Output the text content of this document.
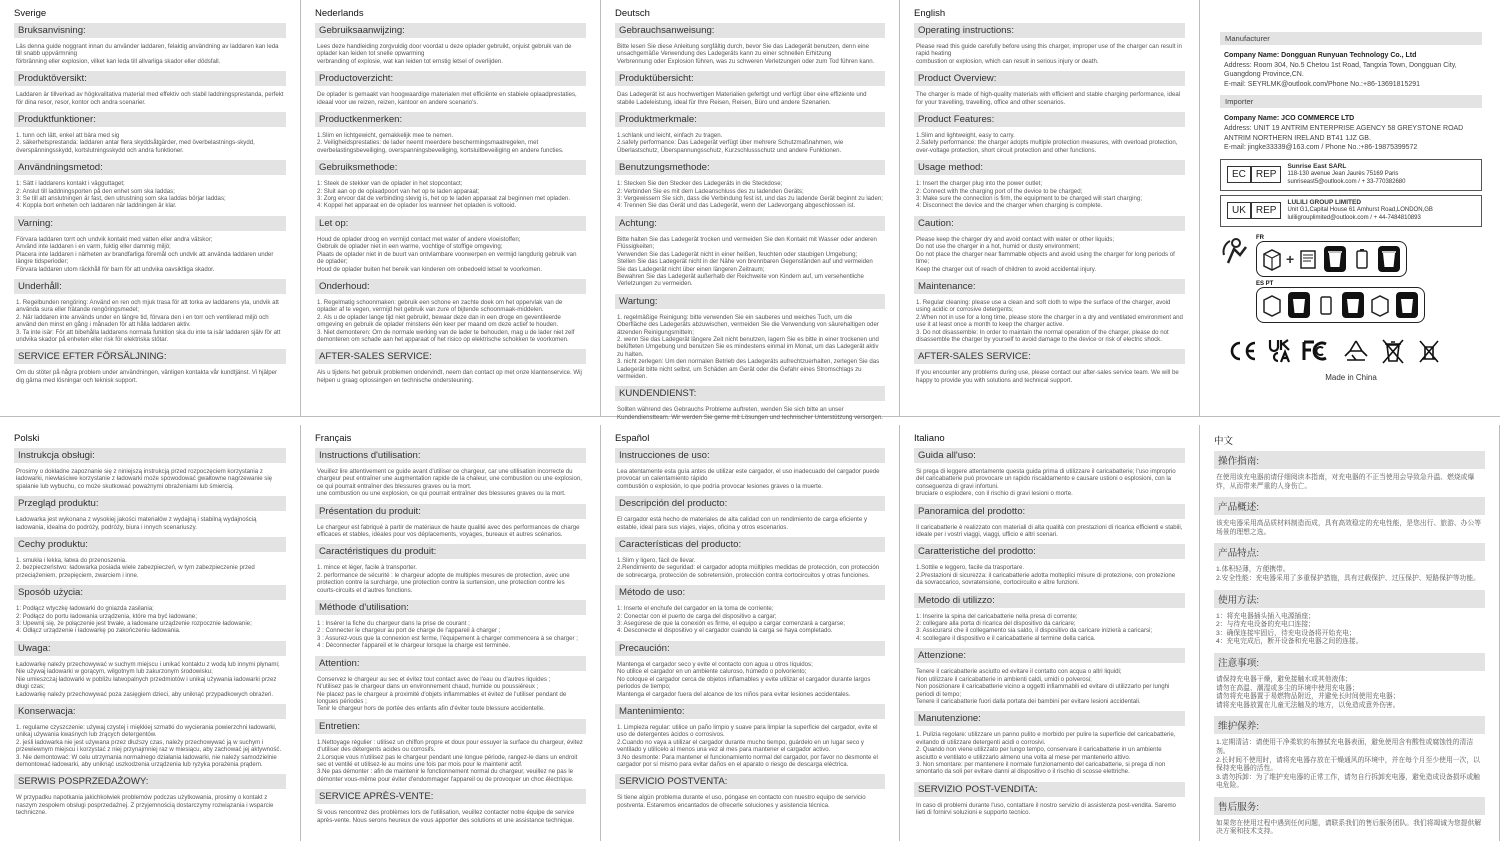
Sverige
Bruksanvisning:
Läs denna guide noggrant innan du använder laddaren, felaktig användning av laddaren kan leda till snabb uppvärmning
förbränning eller explosion, vilket kan leda till allvarliga skador eller dödsfall.
Produktöversikt:
Laddaren är tillverkad av högkvalitativa material med effektiv och stabil laddningsprestanda, perfekt för dina resor, resor, kontor och andra scenarier.
Produktfunktioner:
1. tunn och lätt, enkel att bära med sig
2. säkerhetsprestanda: laddaren antar flera skyddsåtgärder, med överbelastnings-skydd, överspänningsskydd, kortslutningsskydd och andra funktioner.
Användningsmetod:
1: Sätt i laddarens kontakt i vägguttaget;
2: Anslut till laddningsporten på den enhet som ska laddas;
3: Se till att anslutningen är fast, den utrustning som ska laddas börjar laddas;
4: Koppla bort enheten och laddaren när laddningen är klar.
Varning:
Förvara laddaren torrt och undvik kontakt med vatten eller andra vätskor;
Använd inte laddaren i en varm, fuktig eller dammig miljö;
Placera inte laddaren i närheten av brandfarliga föremål och undvik att använda laddaren under längre tidsperioder;
Förvara laddaren utom räckhåll för barn för att undvika oavsiktliga skador.
Underhåll:
1. Regelbunden rengöring: Använd en ren och mjuk trasa för att torka av laddarens yta, undvik att använda sura eller frätande rengöringsmedel;
2. När laddaren inte används under en längre tid, förvara den i en torr och ventilerad miljö och använd den minst en gång i månaden för att hålla laddaren aktiv.
3. Ta inte isär: För att bibehålla laddarens normala funktion ska du inte ta isär laddaren själv för att undvika skador på enheten eller risk för elektriska stötar.
SERVICE EFTER FÖRSÄLJNING:
Om du stöter på några problem under användningen, vänligen kontakta vår kundtjänst. Vi hjälper dig gärna med lösningar och teknisk support.
Nederlands
Gebruiksaanwijzing:
Lees deze handleiding zorgvuldig door voordat u deze oplader gebruikt, onjuist gebruik van de oplader kan leiden tot snelle opwarming
verbranding of explosie, wat kan leiden tot ernstig letsel of overlijden.
Productoverzicht:
De oplader is gemaakt van hoogwaardige materialen met efficiënte en stabiele oplaadprestaties, ideaal voor uw reizen, reizen, kantoor en andere scenario's.
Productkenmerken:
1.Slim en lichtgewicht, gemakkelijk mee te nemen.
2. Veiligheidsprestaties: de lader neemt meerdere beschermingsmaatregelen, met overbelastingsbeveiliging, overspanningsbeveiliging, kortsluitbeveiliging en andere functies.
Gebruiksmethode:
1: Steek de stekker van de oplader in het stopcontact;
2: Sluit aan op de oplaadpoort van het op te laden apparaat;
3: Zorg ervoor dat de verbinding stevig is, het op te laden apparaat zal beginnen met opladen.
4: Koppel het apparaat en de oplader los wanneer het opladen is voltooid.
Let op:
Houd de oplader droog en vermijd contact met water of andere vloeistoffen;
Gebruik de oplader niet in een warme, vochtige of stoffige omgeving;
Plaats de oplader niet in de buurt van ontvlambare voorwerpen en vermijd langdurig gebruik van de oplader;
Houd de oplader buiten het bereik van kinderen om onbedoeld letsel te voorkomen.
Onderhoud:
1. Regelmatig schoonmaken: gebruik een schone en zachte doek om het oppervlak van de oplader af te vegen, vermijd het gebruik van zure of bijtende schoonmaak-middelen.
2. Als u de oplader lange tijd niet gebruikt, bewaar deze dan in een droge en geventileerde omgeving en gebruik de oplader minstens één keer per maand om deze actief te houden.
3. Niet demonteren: Om de normale werking van de lader te behouden, mag u de lader niet zelf demonteren om schade aan het apparaat of het risico op elektrische schokken te voorkomen.
AFTER-SALES SERVICE:
Als u tijdens het gebruik problemen ondervindt, neem dan contact op met onze klantenservice. Wij helpen u graag oplossingen en technische ondersteuning.
Deutsch
Gebrauchsanweisung:
Bitte lesen Sie diese Anleitung sorgfältig durch, bevor Sie das Ladegerät benutzen, denn eine unsachgemäße Verwendung des Ladegeräts kann zu einer schnellen Erhitzung
Verbrennung oder Explosion führen, was zu schweren Verletzungen oder zum Tod führen kann.
Produktübersicht:
Das Ladegerät ist aus hochwertigen Materialien gefertigt und verfügt über eine effiziente und stabile Ladeleistung, ideal für Ihre Reisen, Reisen, Büro und andere Szenarien.
Produktmerkmale:
1.schlank und leicht, einfach zu tragen.
2.safety performance: Das Ladegerät verfügt über mehrere Schutzmaßnahmen, wie Überlastschutz, Überspannungsschutz, Kurzschlussschutz und andere Funktionen.
Benutzungsmethode:
1: Stecken Sie den Stecker des Ladegeräts in die Steckdose;
2: Verbinden Sie es mit dem Ladeanschluss des zu ladenden Geräts;
3: Vergewissern Sie sich, dass die Verbindung fest ist, und das zu ladende Gerät beginnt zu laden;
4: Trennen Sie das Gerät und das Ladegerät, wenn der Ladevorgang abgeschlossen ist.
Achtung:
Bitte halten Sie das Ladegerät trocken und vermeiden Sie den Kontakt mit Wasser oder anderen Flüssigkeiten;
Verwenden Sie das Ladegerät nicht in einer heißen, feuchten oder staubigen Umgebung;
Stellen Sie das Ladegerät nicht in der Nähe von brennbaren Gegenständen auf und vermeiden Sie das Ladegerät nicht über einen längeren Zeitraum;
Bewahren Sie das Ladegerät außerhalb der Reichweite von Kindern auf, um versehentliche Verletzungen zu vermeiden.
Wartung:
1. regelmäßige Reinigung: bitte verwenden Sie ein sauberes und weiches Tuch, um die Oberfläche des Ladegeräts abzuwischen, vermeiden Sie die Verwendung von säurehaltigen oder ätzenden Reinigungsmitteln;
2. wenn Sie das Ladegerät längere Zeit nicht benutzen, lagern Sie es bitte in einer trockenen und belüfteten Umgebung und benutzen Sie es mindestens einmal im Monat, um das Ladegerät aktiv zu halten.
3. nicht zerlegen: Um den normalen Betrieb des Ladegeräts aufrechtzuerhalten, zerlegen Sie das Ladegerät bitte nicht selbst, um Schäden am Gerät oder die Gefahr eines Stromschlags zu vermeiden.
KUNDENDIENST:
Sollten während des Gebrauchs Probleme auftreten, wenden Sie sich bitte an unser Kundendienstteam. Wir werden Sie gerne mit Lösungen und technischer Unterstützung versorgen.
English
Operating instructions:
Please read this guide carefully before using this charger, improper use of the charger can result in rapid heating
combustion or explosion, which can result in serious injury or death.
Product Overview:
The charger is made of high-quality materials with efficient and stable charging performance, ideal for your travelling, travelling, office and other scenarios.
Product Features:
1.Slim and lightweight, easy to carry.
2.Safety performance: the charger adopts multiple protection measures, with overload protection, over-voltage protection, short circuit protection and other functions.
Usage method:
1: Insert the charger plug into the power outlet;
2: Connect with the charging port of the device to be charged;
3: Make sure the connection is firm, the equipment to be charged will start charging;
4: Disconnect the device and the charger when charging is complete.
Caution:
Please keep the charger dry and avoid contact with water or other liquids;
Do not use the charger in a hot, humid or dusty environment;
Do not place the charger near flammable objects and avoid using the charger for long periods of time;
Keep the charger out of reach of children to avoid accidental injury.
Maintenance:
1. Regular cleaning: please use a clean and soft cloth to wipe the surface of the charger, avoid using acidic or corrosive detergents;
2.When not in use for a long time, please store the charger in a dry and ventilated environment and use it at least once a month to keep the charger active.
3. Do not disassemble: In order to maintain the normal operation of the charger, please do not disassemble the charger by yourself to avoid damage to the device or risk of electric shock.
AFTER-SALES SERVICE:
If you encounter any problems during use, please contact our after-sales service team. We will be happy to provide you with solutions and technical support.
Polski
Instrukcja obsługi:
Prosimy o dokładne zapoznanie się z niniejszą instrukcją przed rozpoczęciem korzystania z ładowarki, niewłaściwe korzystanie z ładowarki może spowodować gwałtowne nagrzewanie się
spalanie lub wybuchu, co może skutkować poważnymi obrażeniami lub śmiercią.
Przegląd produktu:
Ładowarka jest wykonana z wysokiej jakości materiałów z wydajną i stabilną wydajnością ładowania, idealna do podróży, podróży, biura i innych scenariuszy.
Cechy produktu:
1. smukła i lekka, łatwa do przenoszenia.
2. bezpieczeństwo: ładowarka posiada wiele zabezpieczeń, w tym zabezpieczenie przed przeciążeniem, przepięciem, zwarciem i inne.
Sposób użycia:
1: Podłącz wtyczkę ładowarki do gniazda zasilania;
2: Podłącz do portu ładowania urządzenia, które ma być ładowane;
3: Upewnij się, że połączenie jest trwałe, a ładowane urządzenie rozpocznie ładowanie;
4: Odłącz urządzenie i ładowarkę po zakończeniu ładowania.
Uwaga:
Ładowarkę należy przechowywać w suchym miejscu i unikać kontaktu z wodą lub innymi płynami;
Nie używaj ładowarki w gorącym, wilgotnym lub zakurzonym środowisku;
Nie umieszczaj ładowarki w pobliżu łatwopalnych przedmiotów i unikaj używania ładowarki przez długi czas;
Ładowarkę należy przechowywać poza zasięgiem dzieci, aby uniknąć przypadkowych obrażeń.
Konserwacja:
1. regularne czyszczenie: używaj czystej i miękkiej szmatki do wycierania powierzchni ładowarki, unikaj używania kwaśnych lub żrących detergentów.
2. jeśli ładowarka nie jest używana przez dłuższy czas, należy przechowywać ją w suchym i przewiewnym miejscu i korzystać z niej przynajmniej raz w miesiącu, aby zachować jej aktywność.
3. Nie demontować: W celu utrzymania normalnego działania ładowarki, nie należy samodzielnie demontować ładowarki, aby uniknąć uszkodzenia urządzenia lub ryzyka porażenia prądem.
SERWIS POSPRZEDAŻOWY:
W przypadku napotkania jakichkolwiek problemów podczas użytkowania, prosimy o kontakt z naszym zespołem obsługi posprzedażnej. Z przyjemnością dostarczymy rozwiązania i wsparcie techniczne.
Français
Instructions d'utilisation:
Veuillez lire attentivement ce guide avant d'utiliser ce chargeur, car une utilisation incorrecte du chargeur peut entraîner une augmentation rapide de la chaleur, une combustion ou une explosion, ce qui pourrait entraîner des blessures graves ou la mort.
une combustion ou une explosion, ce qui pourrait entraîner des blessures graves ou la mort.
Présentation du produit:
Le chargeur est fabriqué à partir de matériaux de haute qualité avec des performances de charge efficaces et stables, idéales pour vos déplacements, voyages, bureaux et autres scénarios.
Caractéristiques du produit:
1. mince et léger, facile à transporter.
2. performance de sécurité : le chargeur adopte de multiples mesures de protection, avec une protection contre la surcharge, une protection contre la surtension, une protection contre les courts-circuits et d'autres fonctions.
Méthode d'utilisation:
1 : Insérer la fiche du chargeur dans la prise de courant ;
2 : Connecter le chargeur au port de charge de l'appareil à charger ;
3 : Assurez-vous que la connexion est ferme, l'équipement à charger commencera à se charger ;
4 : Déconnecter l'appareil et le chargeur lorsque la charge est terminée.
Attention:
Conservez le chargeur au sec et évitez tout contact avec de l'eau ou d'autres liquides ;
N'utilisez pas le chargeur dans un environnement chaud, humide ou poussiéreux ;
Ne placez pas le chargeur à proximité d'objets inflammables et évitez de l'utiliser pendant de longues périodes ;
Tenir le chargeur hors de portée des enfants afin d'éviter toute blessure accidentelle.
Entretien:
1.Nettoyage régulier : utilisez un chiffon propre et doux pour essuyer la surface du chargeur, évitez d'utiliser des détergents acides ou corrosifs.
2.Lorsque vous n'utilisez pas le chargeur pendant une longue période, rangez-le dans un endroit sec et ventilé et utilisez-le au moins une fois par mois pour le maintenir actif.
3.Ne pas démonter : afin de maintenir le fonctionnement normal du chargeur, veuillez ne pas le démonter vous-même pour éviter d'endommager l'appareil ou de provoquer un choc électrique.
SERVICE APRÈS-VENTE:
Si vous rencontrez des problèmes lors de l'utilisation, veuillez contacter notre équipe de service après-vente. Nous serons heureux de vous apporter des solutions et une assistance technique.
Español
Instrucciones de uso:
Lea atentamente esta guía antes de utilizar este cargador, el uso inadecuado del cargador puede provocar un calentamiento rápido
combustión o explosión, lo que podría provocar lesiones graves o la muerte.
Descripción del producto:
El cargador está hecho de materiales de alta calidad con un rendimiento de carga eficiente y estable, ideal para sus viajes, viajes, oficina y otros escenarios.
Características del producto:
1.Slim y ligero, fácil de llevar.
2.Rendimiento de seguridad: el cargador adopta múltiples medidas de protección, con protección de sobrecarga, protección de sobretensión, protección contra cortocircuitos y otras funciones.
Método de uso:
1: Inserte el enchufe del cargador en la toma de corriente;
2: Conectar con el puerto de carga del dispositivo a cargar;
3: Asegúrese de que la conexión es firme, el equipo a cargar comenzará a cargarse;
4: Desconecte el dispositivo y el cargador cuando la carga se haya completado.
Precaución:
Mantenga el cargador seco y evite el contacto con agua u otros líquidos;
No utilice el cargador en un ambiente caluroso, húmedo o polvoriento;
No coloque el cargador cerca de objetos inflamables y evite utilizar el cargador durante largos periodos de tiempo;
Mantenga el cargador fuera del alcance de los niños para evitar lesiones accidentales.
Mantenimiento:
1. Limpieza regular: utilice un paño limpio y suave para limpiar la superficie del cargador, evite el uso de detergentes ácidos o corrosivos.
2.Cuando no vaya a utilizar el cargador durante mucho tiempo, guárdelo en un lugar seco y ventilado y utilícelo al menos una vez al mes para mantener el cargador activo.
3.No desmonte: Para mantener el funcionamiento normal del cargador, por favor no desmonte el cargador por sí mismo para evitar daños en el aparato o riesgo de descarga eléctrica.
SERVICIO POSTVENTA:
Si tiene algún problema durante el uso, póngase en contacto con nuestro equipo de servicio postventa. Estaremos encantados de ofrecerle soluciones y asistencia técnica.
Italiano
Guida all'uso:
Si prega di leggere attentamente questa guida prima di utilizzare il caricabatterie; l'uso improprio del caricabatterie può provocare un rapido riscaldamento e causare ustioni o esplosioni, con la conseguenza di gravi infortuni.
bruciare o esplodere, con il rischio di gravi lesioni o morte.
Panoramica del prodotto:
Il caricabatterie è realizzato con materiali di alta qualità con prestazioni di ricarica efficienti e stabili, ideale per i vostri viaggi, viaggi, ufficio e altri scenari.
Caratteristiche del prodotto:
1.Sottile e leggero, facile da trasportare.
2.Prestazioni di sicurezza: il caricabatterie adotta molteplici misure di protezione, con protezione da sovraccarico, sovratensione, cortocircuito e altre funzioni.
Metodo di utilizzo:
1: Inserire la spina del caricabatterie nella presa di corrente;
2: collegare alla porta di ricarica del dispositivo da caricare;
3: Assicurarsi che il collegamento sia saldo, il dispositivo da caricare inizierà a caricarsi;
4: scollegare il dispositivo e il caricabatterie al termine della carica.
Attenzione:
Tenere il caricabatterie asciutto ed evitare il contatto con acqua o altri liquidi;
Non utilizzare il caricabatterie in ambienti caldi, umidi o polverosi;
Non posizionare il caricabatterie vicino a oggetti infiammabili ed evitare di utilizzarlo per lunghi periodi di tempo;
Tenere il caricabatterie fuori dalla portata dei bambini per evitare lesioni accidentali.
Manutenzione:
1. Pulizia regolare: utilizzare un panno pulito e morbido per pulire la superficie del caricabatterie, evitando di utilizzare detergenti acidi o corrosivi.
2. Quando non viene utilizzato per lungo tempo, conservare il caricabatterie in un ambiente asciutto e ventilato e utilizzarlo almeno una volta al mese per mantenerlo attivo.
3. Non smontare: per mantenere il normale funzionamento del caricabatterie, si prega di non smontarlo da soli per evitare danni al dispositivo o il rischio di scosse elettriche.
SERVIZIO POST-VENDITA:
In caso di problemi durante l'uso, contattare il nostro servizio di assistenza post-vendita. Saremo lieti di fornirvi soluzioni e supporto tecnico.
中文
操作指南:
在使用该充电器前请仔细阅读本指南，对充电器的不正当使用会导致急升温、燃烧或爆炸，从而带来严重的人身伤亡。
产品概述:
该充电器采用高品质材料制造而成，具有高效稳定的充电性能，是您出行、旅游、办公等场景的理想之选。
产品特点:
1.体积轻薄，方便携带。
2.安全性能：充电器采用了多重保护措施，具有过载保护、过压保护、短路保护等功能。
使用方法:
1：将充电器插头插入电源插座；
2：与待充电设备的充电口连接；
3：确保连接牢固后，待充电设备将开始充电；
4：充电完成后，断开设备和充电器之间的连接。
注意事项:
请保持充电器干燥，避免接触水或其他液体；
请勿在高温、潮湿或多尘的环境中使用充电器；
请勿将充电器置于易燃物品附近，并避免长时间使用充电器；
请将充电器放置在儿童无法触及的地方，以免造成意外伤害。
维护保养:
1.定期清洁：请使用干净柔软的布擦拭充电器表面，避免使用含有酸性或腐蚀性的清洁剂。
2.长时间不使用时，请将充电器存放在干燥通风的环境中，并在每个月至少使用一次，以保持充电器的活性。
3.请勿拆卸：为了维护充电器的正常工作，请勿自行拆卸充电器，避免造成设备损坏或触电危险。
售后服务:
如果您在使用过程中遇到任何问题，请联系我们的售后服务团队。我们将竭诚为您提供解决方案和技术支持。
Manufacturer
Company Name: Dongguan Runyuan Technology Co., Ltd
Address: Room 304, No.5 Chetou 1st Road, Tangxia Town, Dongguan City, Guangdong Province,CN.
E-mail: SEYRLMK@outlook.com/Phone No.:+86-13691815291
Importer
Company Name: JCO COMMERCE LTD
Address: UNIT 19 ANTRIM ENTERPRISE AGENCY 58 GREYSTONE ROAD ANTRIM NORTHERN IRELAND BT41 1JZ GB.
E-mail: jingke33339@163.com / Phone No.:+86-19875399572
EC	REP
Sunrise East SARL
118-130 avenue Jean Jaurès 75169 Paris
sunriseast5@outlook.com / + 33-770382680
UK	REP
LULILI GROUP LIMITED
Unit G1,Capital House 61 Amhurst Road,LONDON,GB
luliligrouplimited@outlook.com / + 44-7484810893
FR
+
ES PT
Made in China
